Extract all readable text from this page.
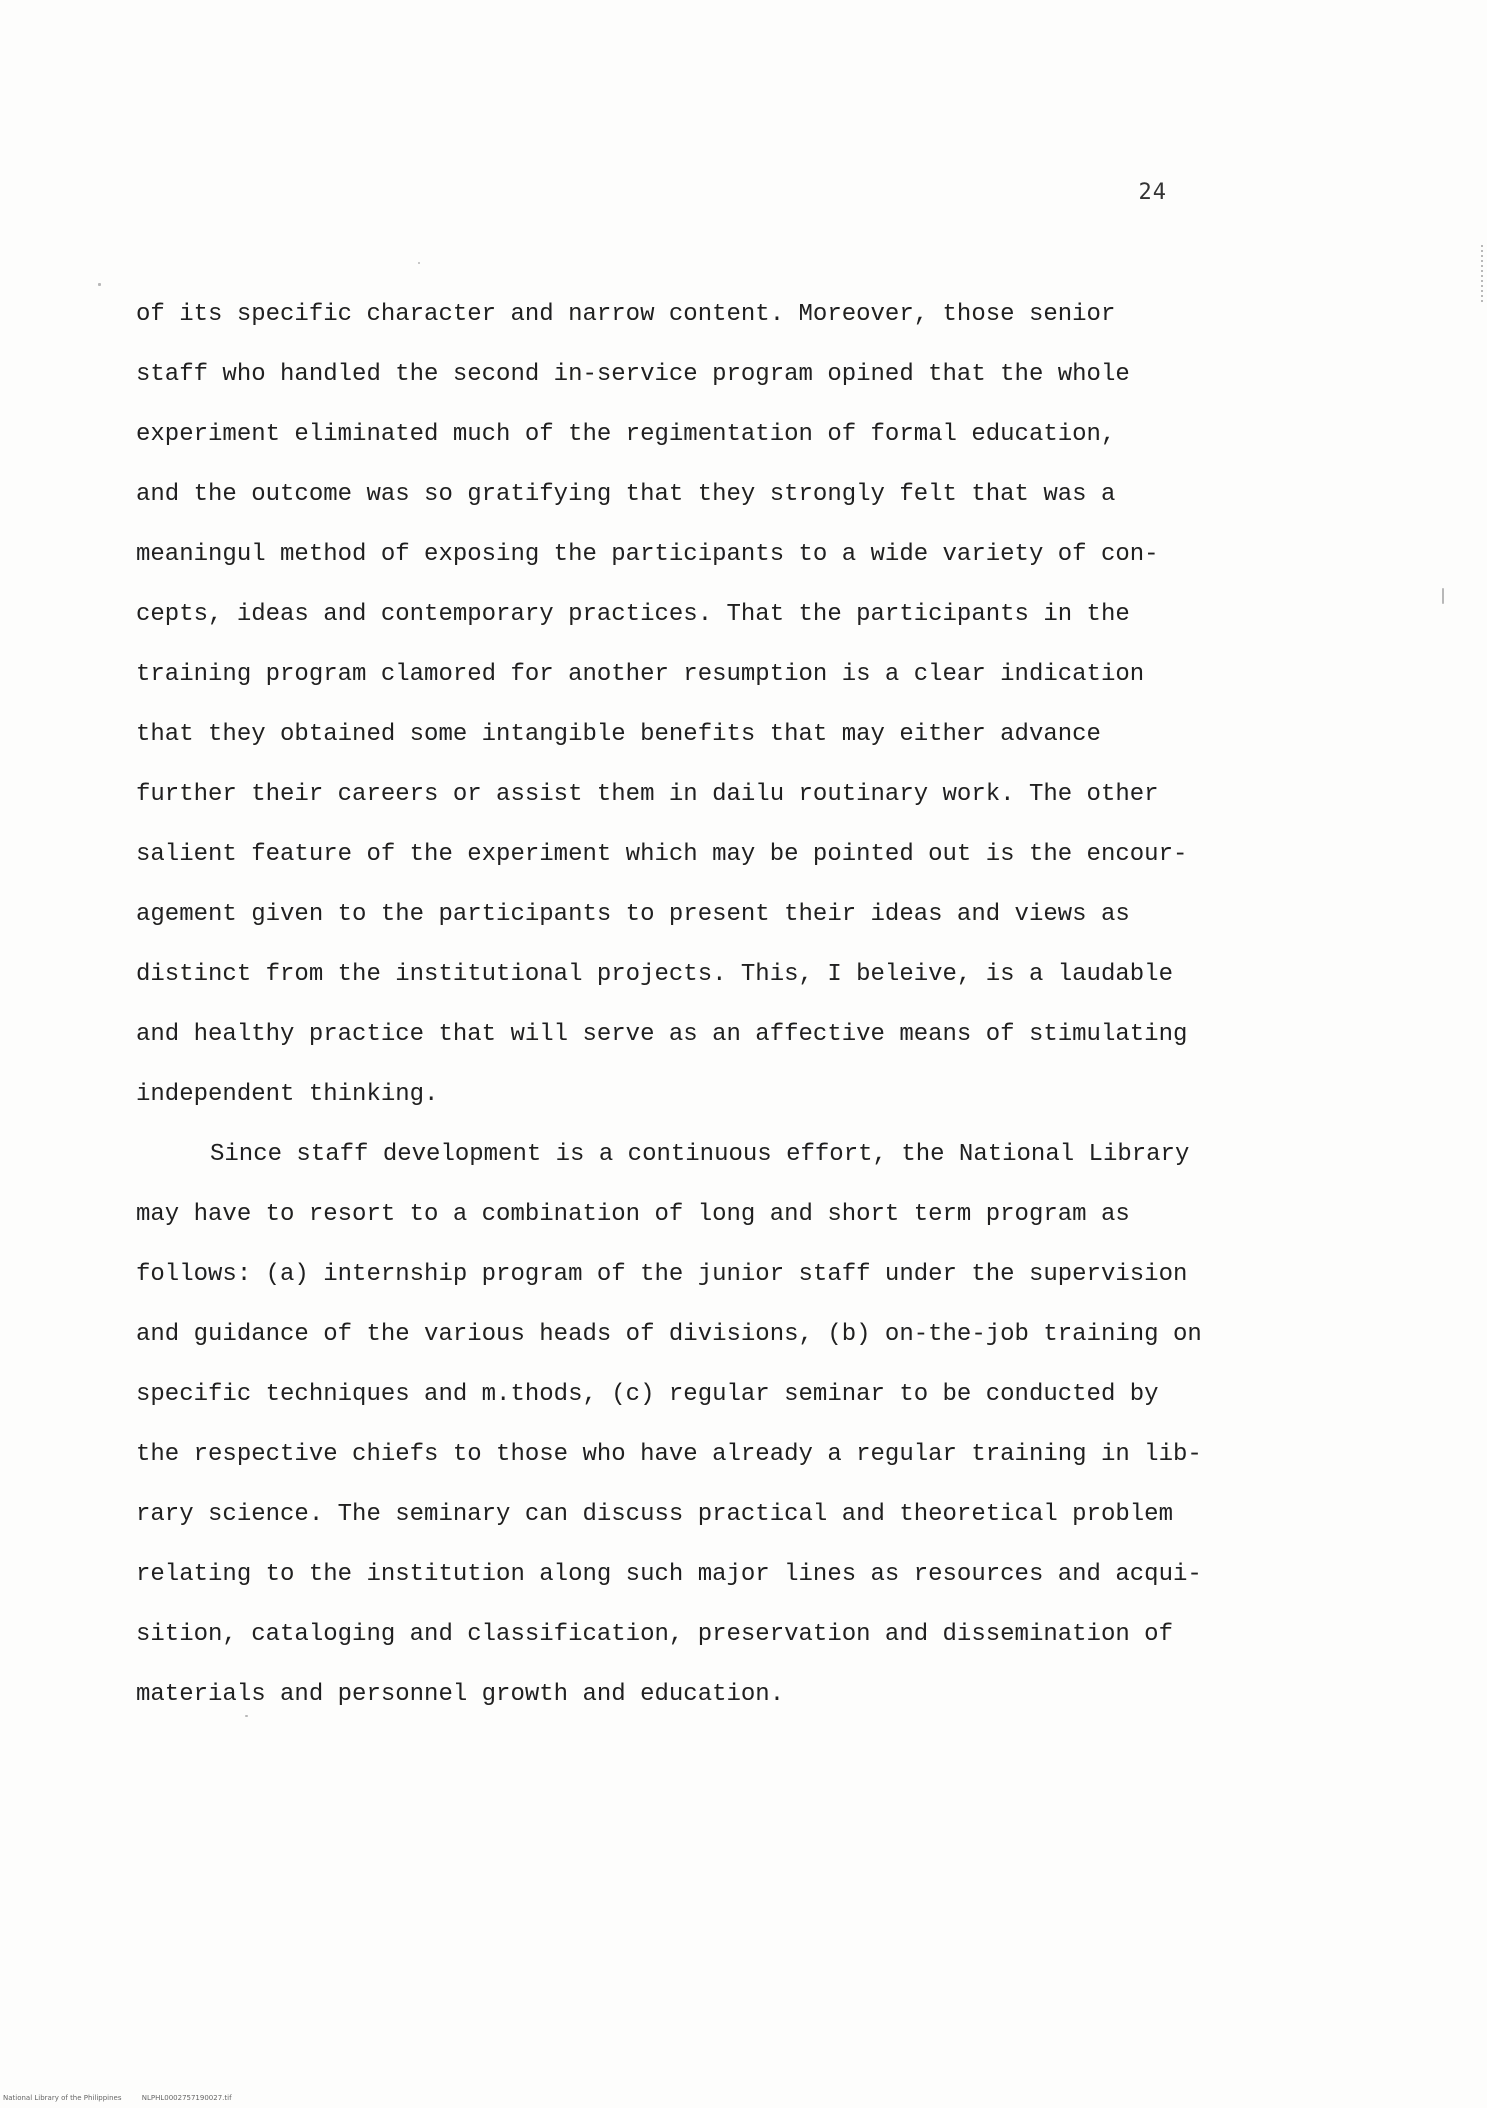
24
of its specific character and narrow content. Moreover, those senior
staff who handled the second in-service program opined that the whole
experiment eliminated much of the regimentation of formal education,
and the outcome was so gratifying that they strongly felt that was a
meaningul method of exposing the participants to a wide variety of con-
cepts, ideas and contemporary practices. That the participants in the
training program clamored for another resumption is a clear indication
that they obtained some intangible benefits that may either advance
further their careers or assist them in dailu routinary work. The other
salient feature of the experiment which may be pointed out is the encour-
agement given to the participants to present their ideas and views as
distinct from the institutional projects. This, I beleive, is a laudable
and healthy practice that will serve as an affective means of stimulating
independent thinking.
Since staff development is a continuous effort, the National Library
may have to resort to a combination of long and short term program as
follows: (a) internship program of the junior staff under the supervision
and guidance of the various heads of divisions, (b) on-the-job training on
specific techniques and m.thods, (c) regular seminar to be conducted by
the respective chiefs to those who have already a regular training in lib-
rary science. The seminary can discuss practical and theoretical problem
relating to the institution along such major lines as resources and acqui-
sition, cataloging and classification, preservation and dissemination of
materials and personnel growth and education.
National Library of the Philippines	NLPHL0002757190027.tif
